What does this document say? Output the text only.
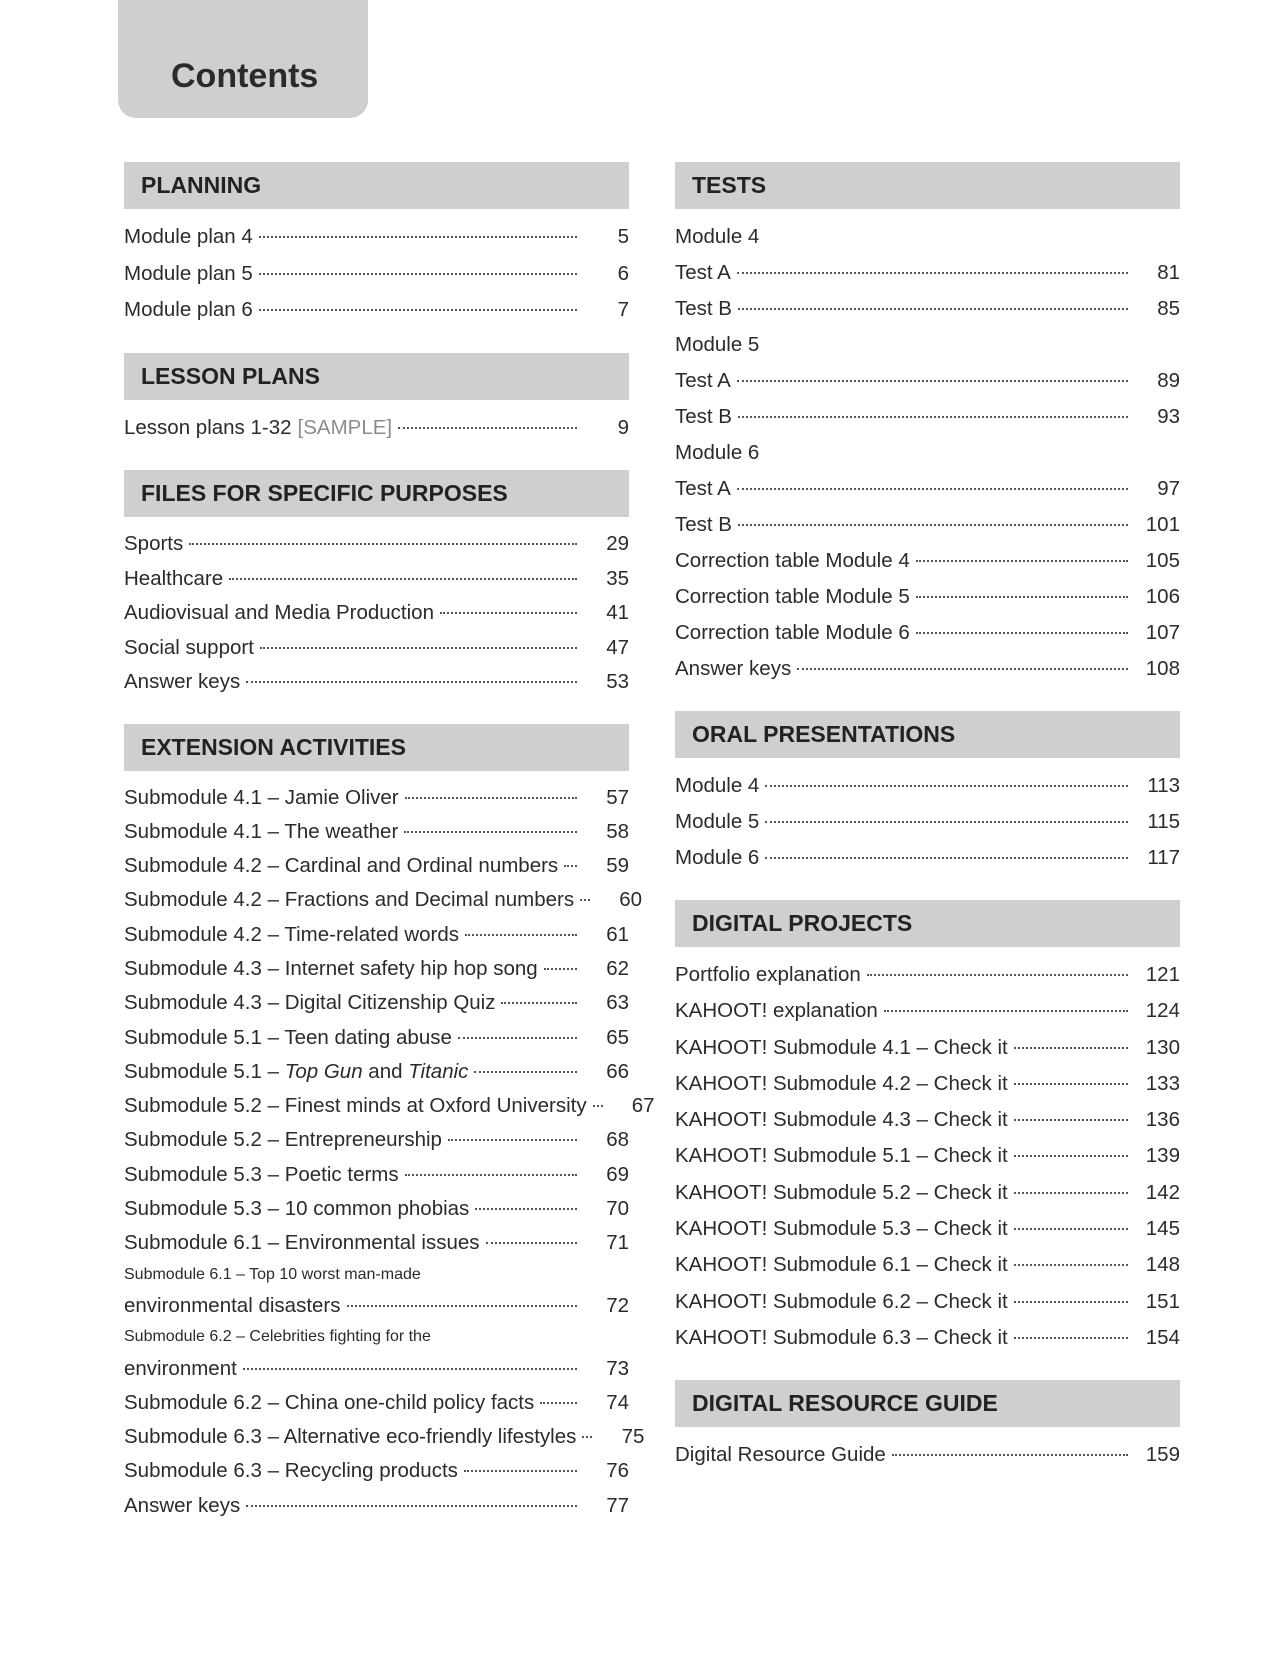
Contents
PLANNING
Module plan 4	5
Module plan 5	6
Module plan 6	7
LESSON PLANS
Lesson plans 1-32 [SAMPLE]	9
FILES FOR SPECIFIC PURPOSES
Sports	29
Healthcare	35
Audiovisual and Media Production	41
Social support	47
Answer keys	53
EXTENSION ACTIVITIES
Submodule 4.1 – Jamie Oliver	57
Submodule 4.1 – The weather	58
Submodule 4.2 – Cardinal and Ordinal numbers	59
Submodule 4.2 – Fractions and Decimal numbers	60
Submodule 4.2 – Time-related words	61
Submodule 4.3 – Internet safety hip hop song	62
Submodule 4.3 – Digital Citizenship Quiz	63
Submodule 5.1 – Teen dating abuse	65
Submodule 5.1 – Top Gun and Titanic	66
Submodule 5.2 – Finest minds at Oxford University	67
Submodule 5.2 – Entrepreneurship	68
Submodule 5.3 – Poetic terms	69
Submodule 5.3 – 10 common phobias	70
Submodule 6.1 – Environmental issues	71
Submodule 6.1 – Top 10 worst man-made
environmental disasters	72
Submodule 6.2 – Celebrities fighting for the
environment	73
Submodule 6.2 – China one-child policy facts	74
Submodule 6.3 – Alternative eco-friendly lifestyles	75
Submodule 6.3 – Recycling products	76
Answer keys	77
TESTS
Module 4
Test A	81
Test B	85
Module 5
Test A	89
Test B	93
Module 6
Test A	97
Test B	101
Correction table Module 4	105
Correction table Module 5	106
Correction table Module 6	107
Answer keys	108
ORAL PRESENTATIONS
Module 4	113
Module 5	115
Module 6	117
DIGITAL PROJECTS
Portfolio explanation	121
KAHOOT! explanation	124
KAHOOT! Submodule 4.1 – Check it	130
KAHOOT! Submodule 4.2 – Check it	133
KAHOOT! Submodule 4.3 – Check it	136
KAHOOT! Submodule 5.1 – Check it	139
KAHOOT! Submodule 5.2 – Check it	142
KAHOOT! Submodule 5.3 – Check it	145
KAHOOT! Submodule 6.1 – Check it	148
KAHOOT! Submodule 6.2 – Check it	151
KAHOOT! Submodule 6.3 – Check it	154
DIGITAL RESOURCE GUIDE
Digital Resource Guide	159
